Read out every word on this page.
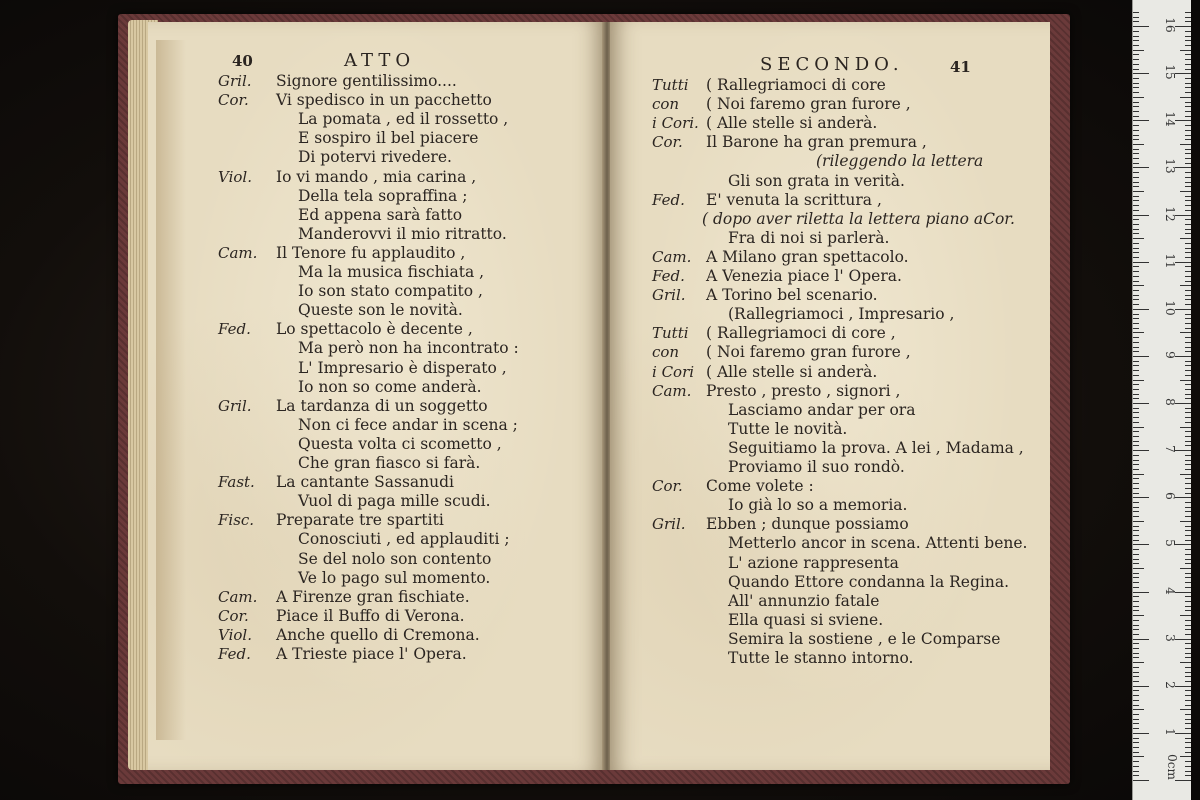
40	ATTO
Gril. Signore gentilissimo....
Cor. Vi spedisco in un pacchetto
La pomata , ed il rossetto ,
E sospiro il bel piacere
Di potervi rivedere.
Viol. Io vi mando , mia carina ,
Della tela sopraffina ;
Ed appena sarà fatto
Manderovvi il mio ritratto.
Cam. Il Tenore fu applaudito ,
Ma la musica fischiata ,
Io son stato compatito ,
Queste son le novità.
Fed. Lo spettacolo è decente ,
Ma però non ha incontrato :
L' Impresario è disperato ,
Io non so come anderà.
Gril. La tardanza di un soggetto
Non ci fece andar in scena ;
Questa volta ci scometto ,
Che gran fiasco si farà.
Fast. La cantante Sassanudi
Vuol di paga mille scudi.
Fisc. Preparate tre spartiti
Conosciuti , ed applauditi ;
Se del nolo son contento
Ve lo pago sul momento.
Cam. A Firenze gran fischiate.
Cor. Piace il Buffo di Verona.
Viol. Anche quello di Cremona.
Fed. A Trieste piace l' Opera.
SECONDO.	41
Tutti ( Rallegriamoci di core
con ( Noi faremo gran furore ,
i Cori. ( Alle stelle si anderà.
Cor. Il Barone ha gran premura ,
(rileggendo la lettera
Gli son grata in verità.
Fed. E' venuta la scrittura ,
( dopo aver riletta la lettera piano aCor.
Fra di noi si parlerà.
Cam. A Milano gran spettacolo.
Fed. A Venezia piace l' Opera.
Gril. A Torino bel scenario.
(Rallegriamoci , Impresario ,
Tutti ( Rallegriamoci di core ,
con ( Noi faremo gran furore ,
i Cori ( Alle stelle si anderà.
Cam. Presto , presto , signori ,
Lasciamo andar per ora
Tutte le novità.
Seguitiamo la prova. A lei , Madama ,
Proviamo il suo rondò.
Cor. Come volete :
Io già lo so a memoria.
Gril. Ebben ; dunque possiamo
Metterlo ancor in scena. Attenti bene.
L' azione rappresenta
Quando Ettore condanna la Regina.
All' annunzio fatale
Ella quasi si sviene.
Semira la sostiene , e le Comparse
Tutte le stanno intorno.
1
2
3
4
5
6
7
8
9
10
11
12
13
14
15
16
0cm
